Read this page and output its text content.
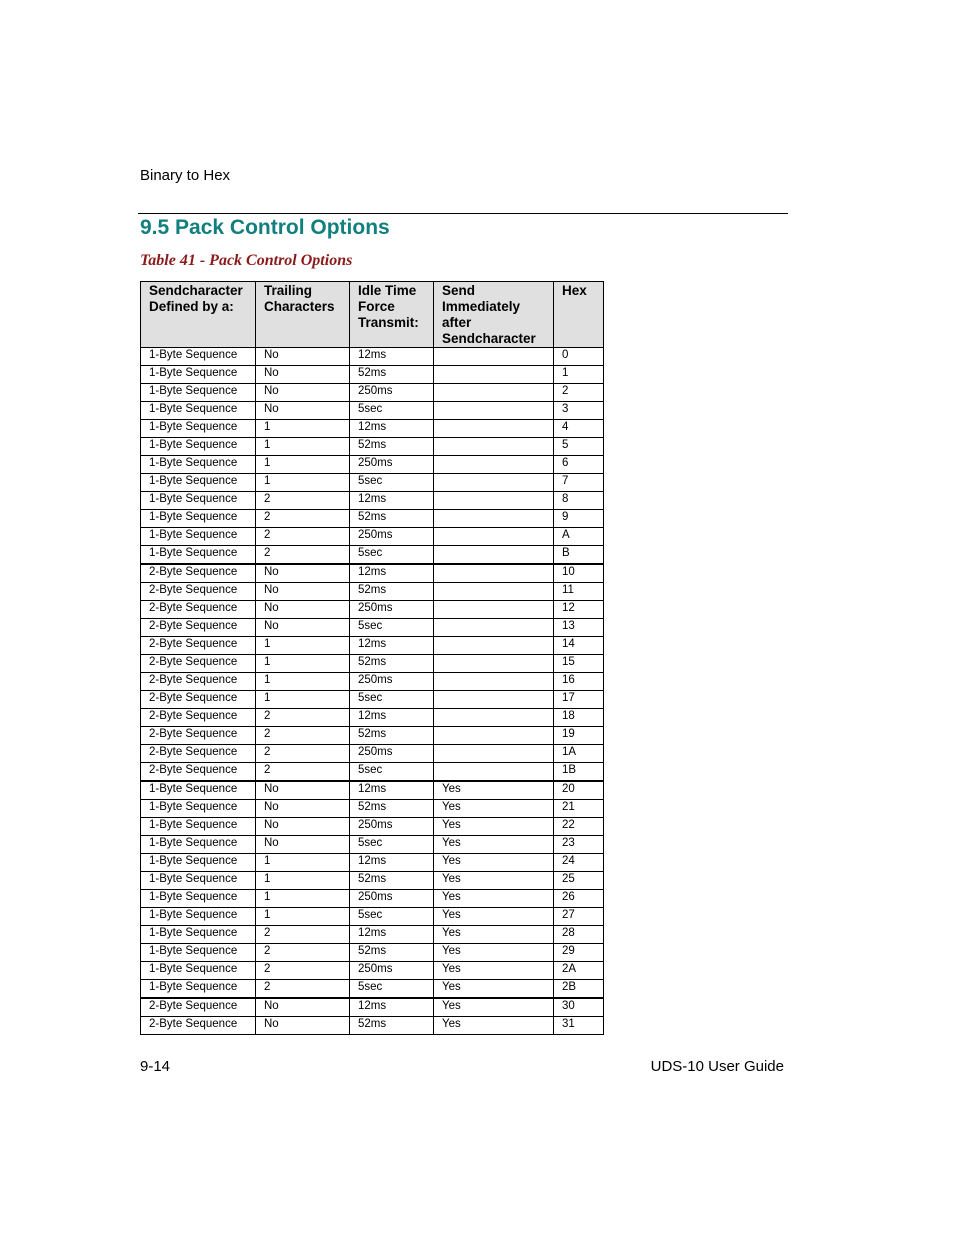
Binary to Hex
9.5 Pack Control Options
Table 41 - Pack Control Options
Sendcharacter Defined by a:	Trailing Characters	Idle Time Force Transmit:	Send Immediately after Sendcharacter	Hex
1-Byte Sequence	No	12ms		0
1-Byte Sequence	No	52ms		1
1-Byte Sequence	No	250ms		2
1-Byte Sequence	No	5sec		3
1-Byte Sequence	1	12ms		4
1-Byte Sequence	1	52ms		5
1-Byte Sequence	1	250ms		6
1-Byte Sequence	1	5sec		7
1-Byte Sequence	2	12ms		8
1-Byte Sequence	2	52ms		9
1-Byte Sequence	2	250ms		A
1-Byte Sequence	2	5sec		B
2-Byte Sequence	No	12ms		10
2-Byte Sequence	No	52ms		11
2-Byte Sequence	No	250ms		12
2-Byte Sequence	No	5sec		13
2-Byte Sequence	1	12ms		14
2-Byte Sequence	1	52ms		15
2-Byte Sequence	1	250ms		16
2-Byte Sequence	1	5sec		17
2-Byte Sequence	2	12ms		18
2-Byte Sequence	2	52ms		19
2-Byte Sequence	2	250ms		1A
2-Byte Sequence	2	5sec		1B
1-Byte Sequence	No	12ms	Yes	20
1-Byte Sequence	No	52ms	Yes	21
1-Byte Sequence	No	250ms	Yes	22
1-Byte Sequence	No	5sec	Yes	23
1-Byte Sequence	1	12ms	Yes	24
1-Byte Sequence	1	52ms	Yes	25
1-Byte Sequence	1	250ms	Yes	26
1-Byte Sequence	1	5sec	Yes	27
1-Byte Sequence	2	12ms	Yes	28
1-Byte Sequence	2	52ms	Yes	29
1-Byte Sequence	2	250ms	Yes	2A
1-Byte Sequence	2	5sec	Yes	2B
2-Byte Sequence	No	12ms	Yes	30
2-Byte Sequence	No	52ms	Yes	31
9-14	UDS-10 User Guide
